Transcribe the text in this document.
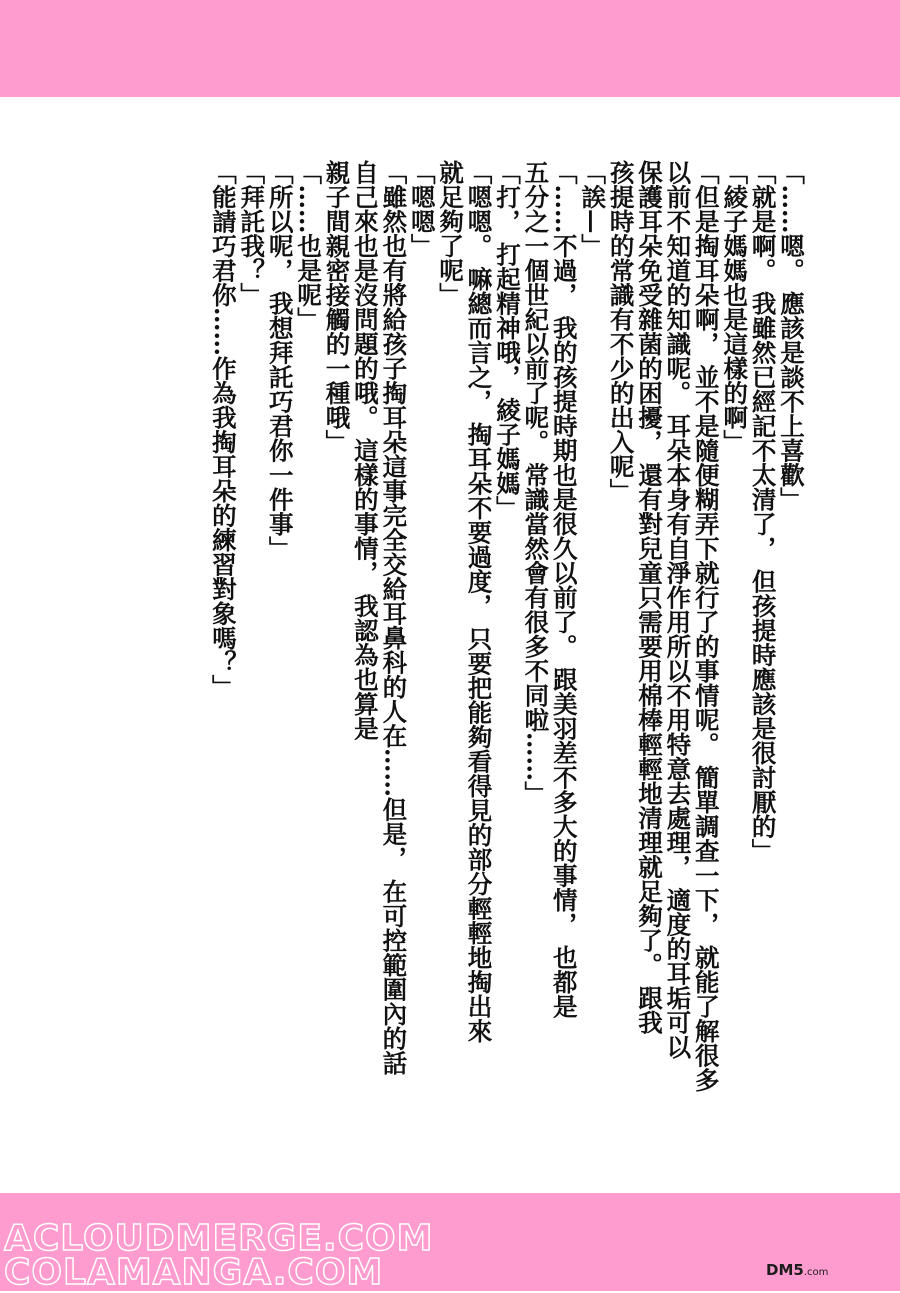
「……嗯。 應該是談不上喜歡」
「就是啊。 我雖然已經記不太清了， 但孩提時應該是很討厭的」
「綾子媽媽也是這樣的啊」
「但是掏耳朵啊， 並不是隨便糊弄下就行了的事情呢。 簡單調查一下， 就能了解很多
以前不知道的知識呢。 耳朵本身有自淨作用所以不用特意去處理， 適度的耳垢可以
保護耳朵免受雜菌的困擾， 還有對兒童只需要用棉棒輕輕地清理就足夠了。 跟我
孩提時的常識有不少的出入呢」
「誒—」
「……不過， 我的孩提時期也是很久以前了。 跟美羽差不多大的事情， 也都是
五分之一個世紀以前了呢。 常識當然會有很多不同啦……」
「打， 打起精神哦， 綾子媽媽」
「嗯嗯。 嘛總而言之， 掏耳朵不要過度， 只要把能夠看得見的部分輕輕地掏出來
就足夠了呢」
「嗯嗯」
「雖然也有將給孩子掏耳朵這事完全交給耳鼻科的人在……但是， 在可控範圍內的話
自己來也是沒問題的哦。 這樣的事情， 我認為也算是
親子間親密接觸的一種哦」
「……也是呢」
「所以呢， 我想拜託巧君你一件事」
「拜託我？」
「能請巧君你……作為我掏耳朵的練習對象嗎？」
ACLOUDMERGE.COM
COLAMANGA.COM	DM5.com
